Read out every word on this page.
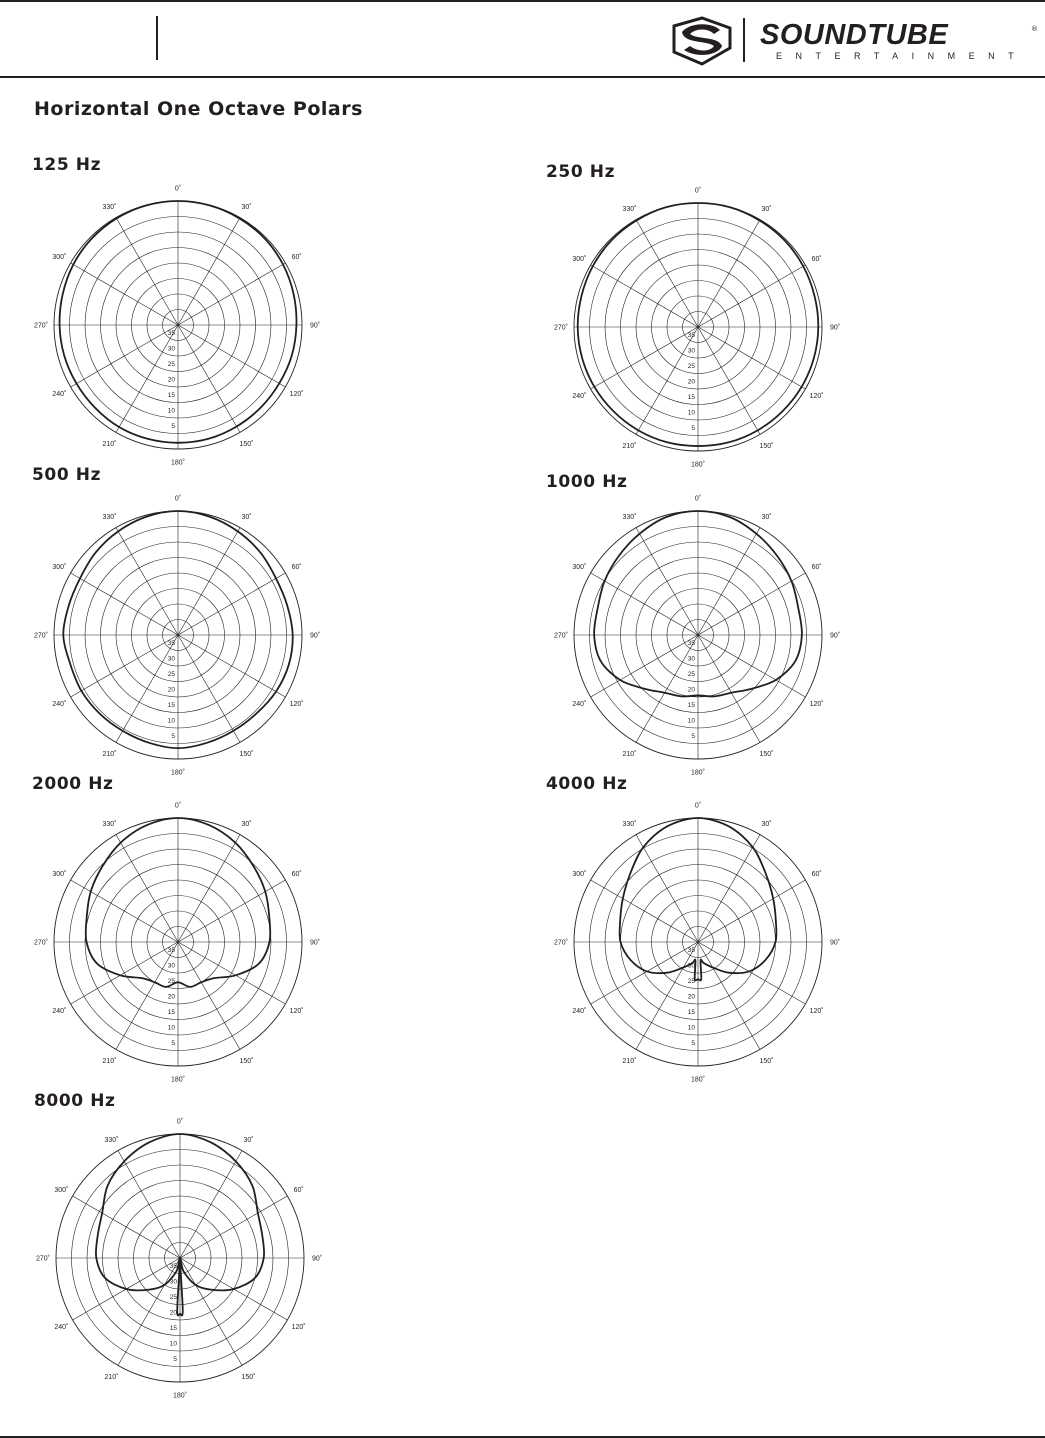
SOUNDTUBE	®
ENTERTAINMENT
Horizontal One Octave Polars
125 Hz
0˚
30˚
60˚
90˚
120˚
150˚
180˚
210˚
240˚
270˚
300˚
330˚
35
30
25
20
15
10
5
250 Hz
0˚
30˚
60˚
90˚
120˚
150˚
180˚
210˚
240˚
270˚
300˚
330˚
35
30
25
20
15
10
5
500 Hz
0˚
30˚
60˚
90˚
120˚
150˚
180˚
210˚
240˚
270˚
300˚
330˚
35
30
25
20
15
10
5
1000 Hz
0˚
30˚
60˚
90˚
120˚
150˚
180˚
210˚
240˚
270˚
300˚
330˚
35
30
25
20
15
10
5
2000 Hz
0˚
30˚
60˚
90˚
120˚
150˚
180˚
210˚
240˚
270˚
300˚
330˚
35
30
25
20
15
10
5
4000 Hz
0˚
30˚
60˚
90˚
120˚
150˚
180˚
210˚
240˚
270˚
300˚
330˚
35
30
25
20
15
10
5
8000 Hz
0˚
30˚
60˚
90˚
120˚
150˚
180˚
210˚
240˚
270˚
300˚
330˚
35
30
25
20
15
10
5
